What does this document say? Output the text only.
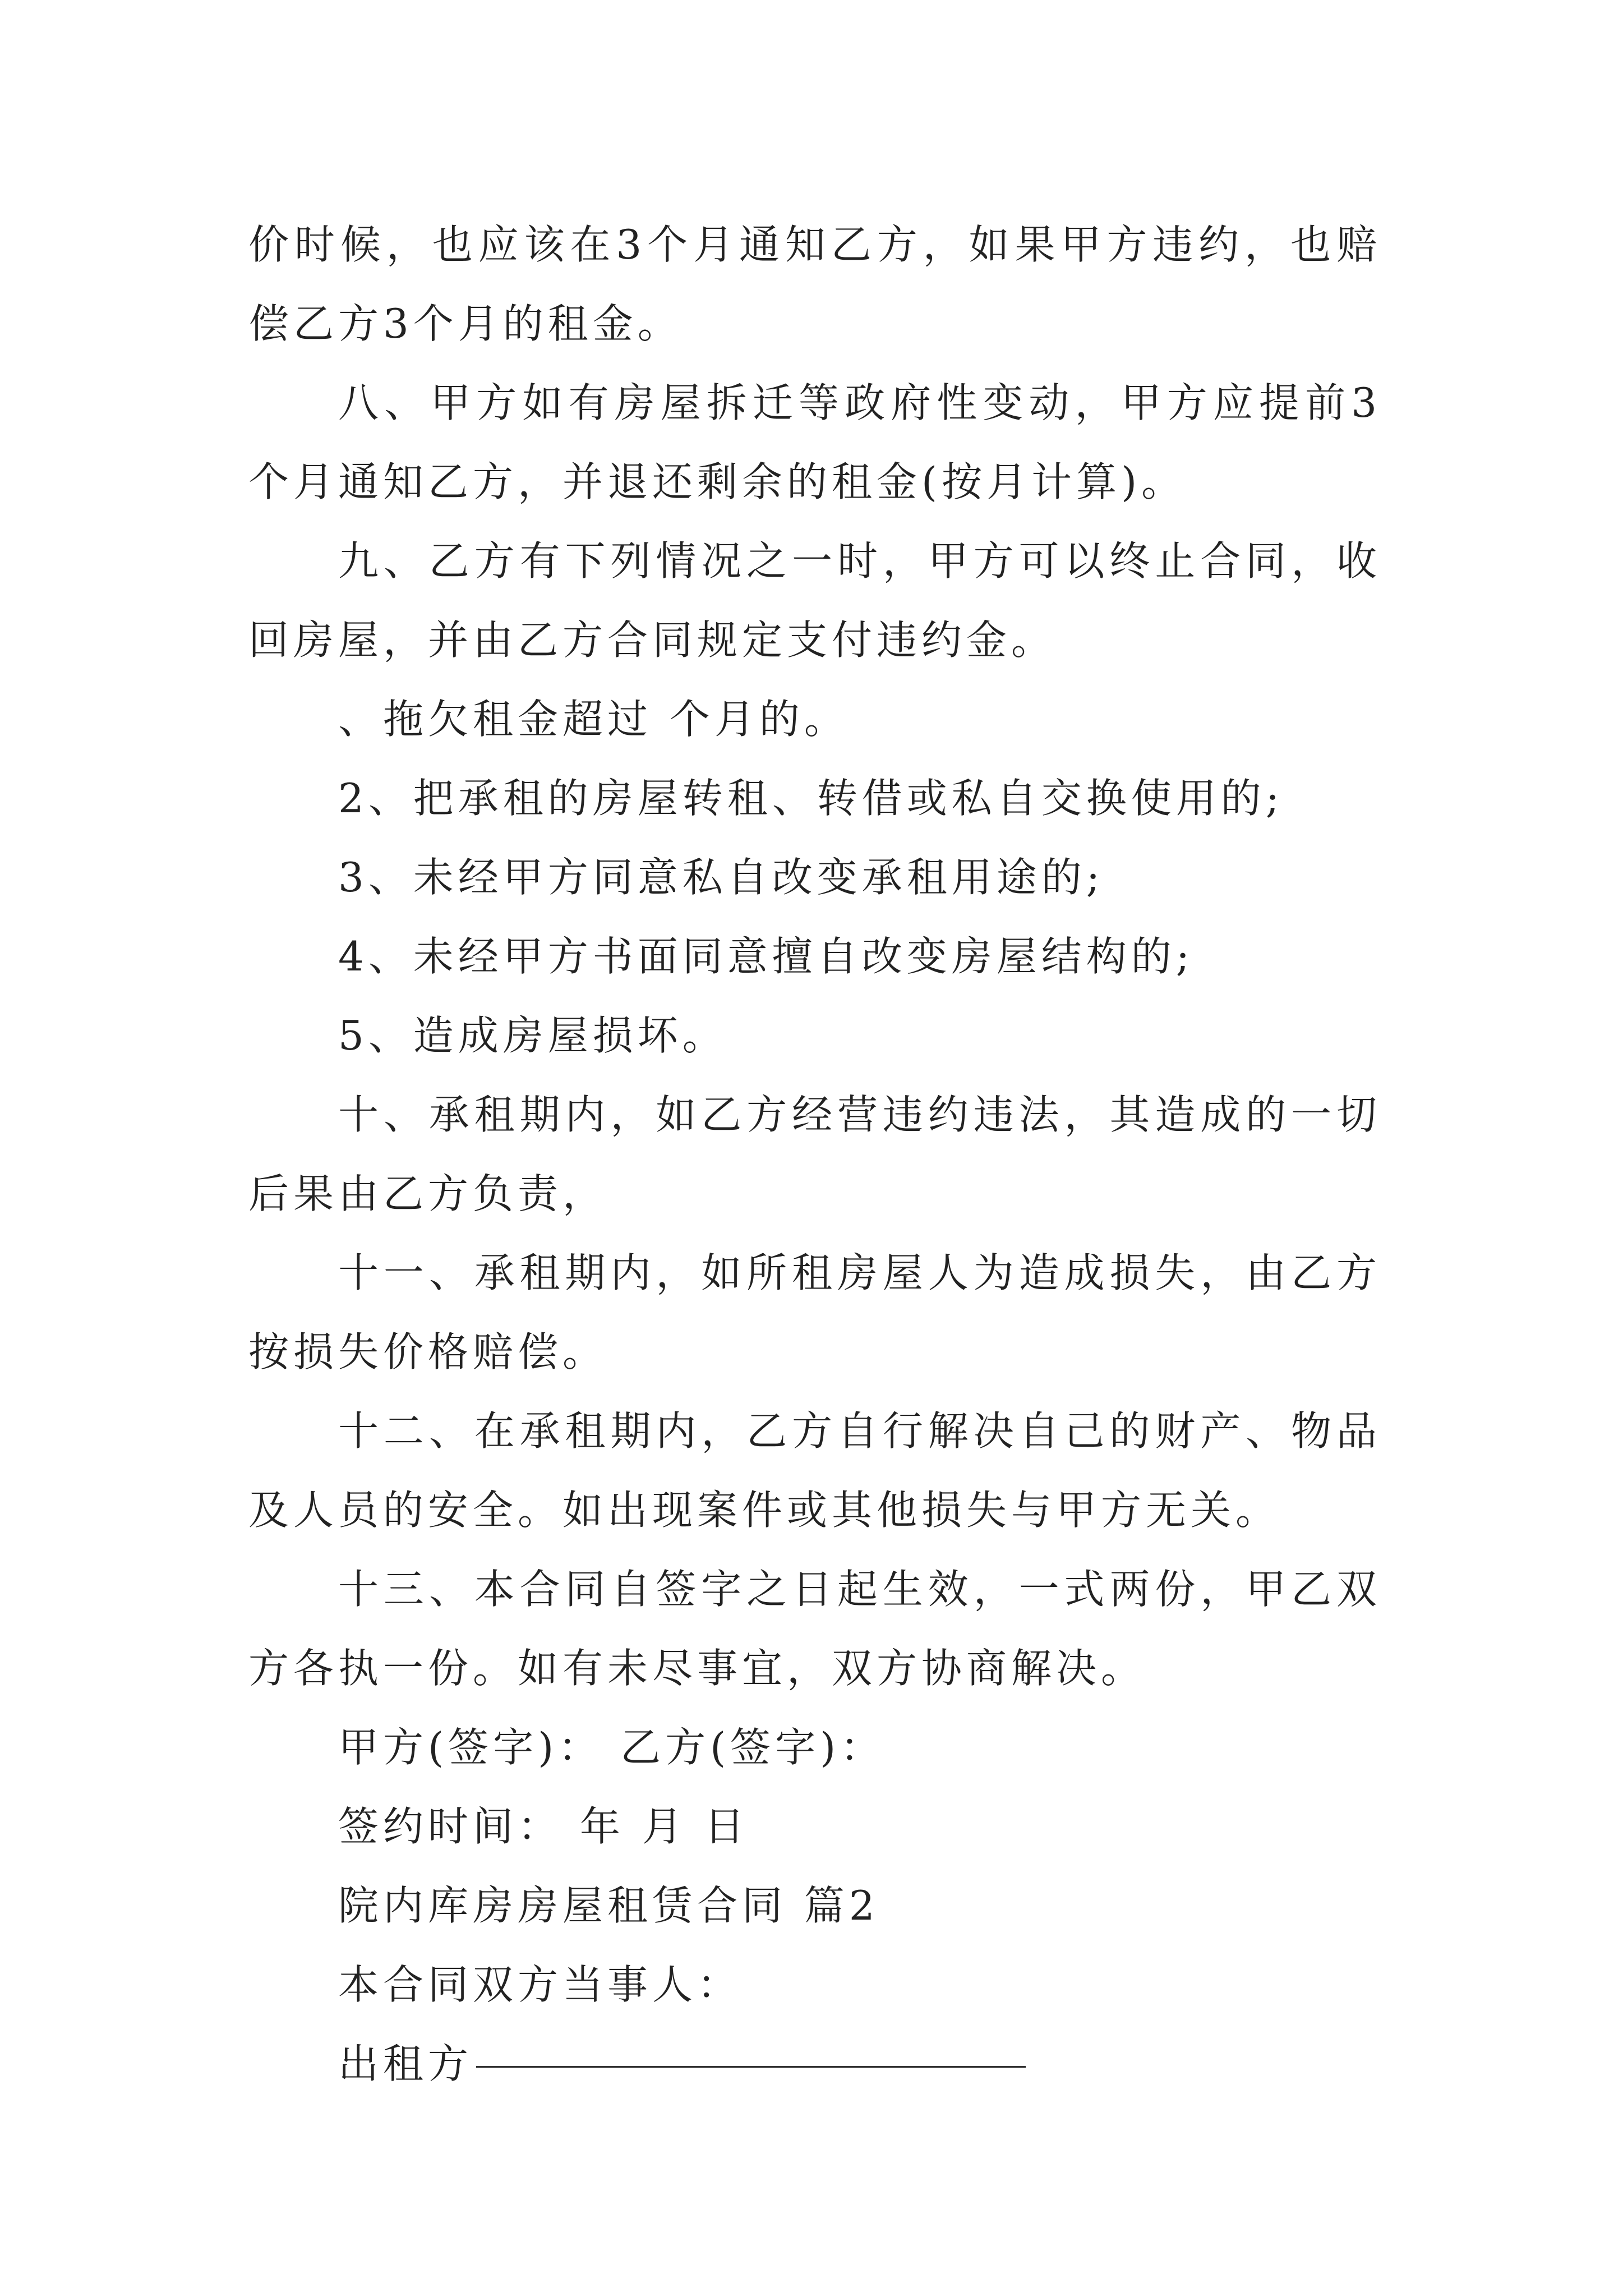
价时候，也应该在3个月通知乙方，如果甲方违约，也赔偿乙方3个月的租金。

八、甲方如有房屋拆迁等政府性变动，甲方应提前3个月通知乙方，并退还剩余的租金(按月计算)。

九、乙方有下列情况之一时，甲方可以终止合同，收回房屋，并由乙方合同规定支付违约金。

、拖欠租金超过 个月的。

2、把承租的房屋转租、转借或私自交换使用的;

3、未经甲方同意私自改变承租用途的;

4、未经甲方书面同意擅自改变房屋结构的;

5、造成房屋损坏。

十、承租期内，如乙方经营违约违法，其造成的一切后果由乙方负责，

十一、承租期内，如所租房屋人为造成损失，由乙方按损失价格赔偿。

十二、在承租期内，乙方自行解决自己的财产、物品及人员的安全。如出现案件或其他损失与甲方无关。

十三、本合同自签字之日起生效，一式两份，甲乙双方各执一份。如有未尽事宜，双方协商解决。

甲方(签字)： 乙方(签字)：

签约时间： 年 月 日

院内库房房屋租赁合同 篇2

本合同双方当事人：

出租方
